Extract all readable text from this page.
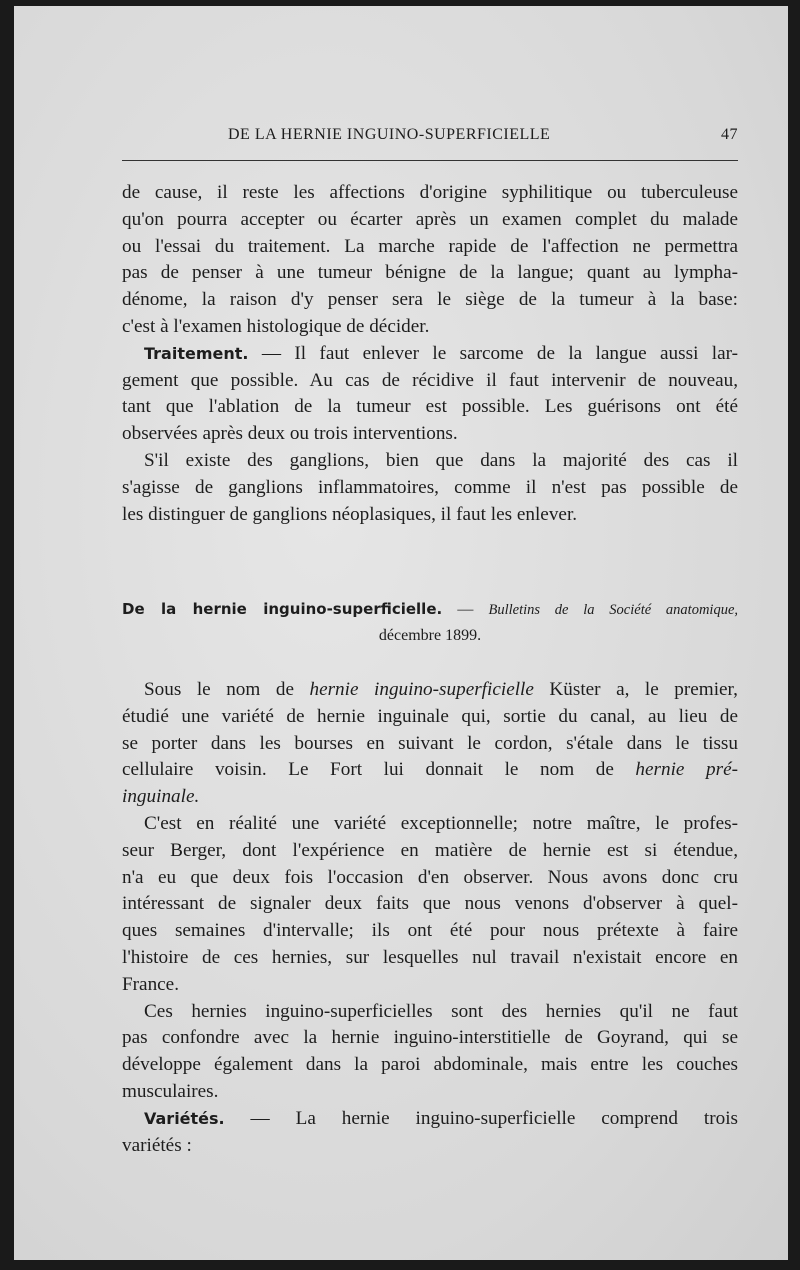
DE LA HERNIE INGUINO-SUPERFICIELLE	47

de cause, il reste les affections d'origine syphilitique ou tuberculeuse

qu'on pourra accepter ou écarter après un examen complet du malade

ou l'essai du traitement. La marche rapide de l'affection ne permettra

pas de penser à une tumeur bénigne de la langue; quant au lympha-

dénome, la raison d'y penser sera le siège de la tumeur à la base:

c'est à l'examen histologique de décider.

Traitement. — Il faut enlever le sarcome de la langue aussi lar-

gement que possible. Au cas de récidive il faut intervenir de nouveau,

tant que l'ablation de la tumeur est possible. Les guérisons ont été

observées après deux ou trois interventions.

S'il existe des ganglions, bien que dans la majorité des cas il

s'agisse de ganglions inflammatoires, comme il n'est pas possible de

les distinguer de ganglions néoplasiques, il faut les enlever.

De la hernie inguino-superficielle. — Bulletins de la Société anatomique,
décembre 1899.

Sous le nom de hernie inguino-superficielle Küster a, le premier,

étudié une variété de hernie inguinale qui, sortie du canal, au lieu de

se porter dans les bourses en suivant le cordon, s'étale dans le tissu

cellulaire voisin. Le Fort lui donnait le nom de hernie pré-

inguinale.

C'est en réalité une variété exceptionnelle; notre maître, le profes-

seur Berger, dont l'expérience en matière de hernie est si étendue,

n'a eu que deux fois l'occasion d'en observer. Nous avons donc cru

intéressant de signaler deux faits que nous venons d'observer à quel-

ques semaines d'intervalle; ils ont été pour nous prétexte à faire

l'histoire de ces hernies, sur lesquelles nul travail n'existait encore en

France.

Ces hernies inguino-superficielles sont des hernies qu'il ne faut

pas confondre avec la hernie inguino-interstitielle de Goyrand, qui se

développe également dans la paroi abdominale, mais entre les couches

musculaires.

Variétés. — La hernie inguino-superficielle comprend trois

variétés :
